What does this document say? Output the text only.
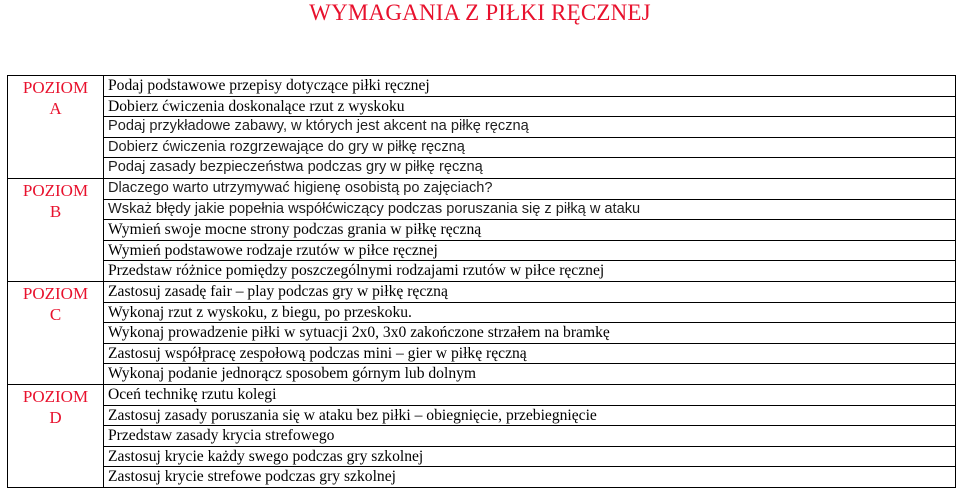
WYMAGANIA Z PIŁKI RĘCZNEJ
POZIOM
A	Podaj podstawowe przepisy dotyczące piłki ręcznej
	Dobierz ćwiczenia doskonalące rzut z wyskoku
	Podaj przykładowe zabawy, w których jest akcent na piłkę ręczną
	Dobierz ćwiczenia rozgrzewające do gry w piłkę ręczną
	Podaj zasady bezpieczeństwa podczas gry w piłkę ręczną

POZIOM
B	Dlaczego warto utrzymywać higienę osobistą po zajęciach?
	Wskaż błędy jakie popełnia współćwiczący podczas poruszania się z piłką w ataku
	Wymień swoje mocne strony podczas grania w piłkę ręczną
	Wymień podstawowe rodzaje rzutów w piłce ręcznej
	Przedstaw różnice pomiędzy poszczególnymi rodzajami rzutów w piłce ręcznej

POZIOM
C	Zastosuj zasadę fair – play podczas gry w piłkę ręczną
	Wykonaj rzut z wyskoku, z biegu, po przeskoku.
	Wykonaj prowadzenie piłki w sytuacji 2x0, 3x0 zakończone strzałem na bramkę
	Zastosuj współpracę zespołową podczas mini – gier w piłkę ręczną
	Wykonaj podanie jednorącz sposobem górnym lub dolnym

POZIOM
D	Oceń technikę rzutu kolegi
	Zastosuj zasady poruszania się w ataku bez piłki – obiegnięcie, przebiegnięcie
	Przedstaw zasady krycia strefowego
	Zastosuj krycie każdy swego podczas gry szkolnej
	Zastosuj krycie strefowe podczas gry szkolnej
